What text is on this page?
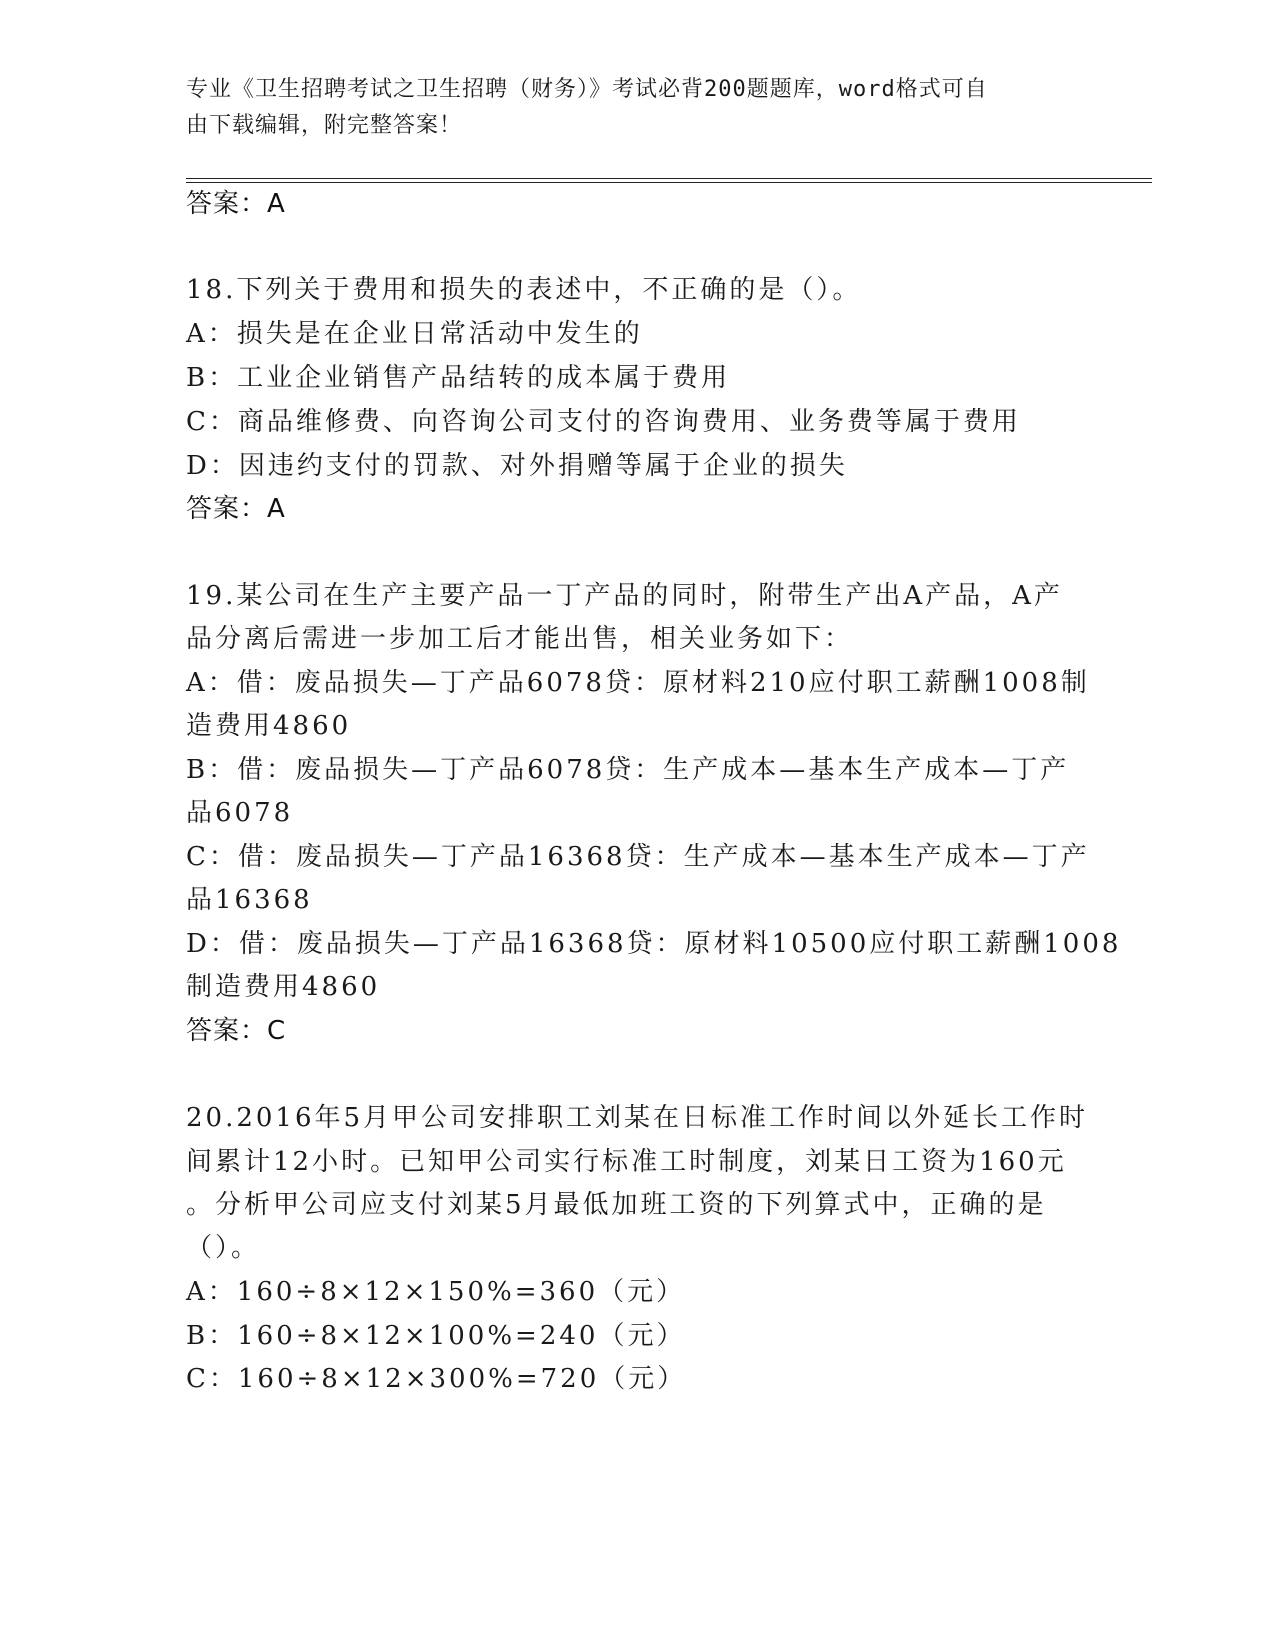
专业《卫生招聘考试之卫生招聘（财务）》考试必背200题题库，word格式可自
由下载编辑，附完整答案！
答案：A
18.下列关于费用和损失的表述中，不正确的是（）。
A：损失是在企业日常活动中发生的
B：工业企业销售产品结转的成本属于费用
C：商品维修费、向咨询公司支付的咨询费用、业务费等属于费用
D：因违约支付的罚款、对外捐赠等属于企业的损失
答案：A
19.某公司在生产主要产品一丁产品的同时，附带生产出A产品，A产
品分离后需进一步加工后才能出售，相关业务如下：
A：借：废品损失—丁产品6078贷：原材料210应付职工薪酬1008制
造费用4860
B：借：废品损失—丁产品6078贷：生产成本—基本生产成本—丁产
品6078
C：借：废品损失—丁产品16368贷：生产成本—基本生产成本—丁产
品16368
D：借：废品损失—丁产品16368贷：原材料10500应付职工薪酬1008
制造费用4860
答案：C
20.2016年5月甲公司安排职工刘某在日标准工作时间以外延长工作时
间累计12小时。已知甲公司实行标准工时制度，刘某日工资为160元
。分析甲公司应支付刘某5月最低加班工资的下列算式中，正确的是
（）。
A：160÷8×12×150%=360（元）
B：160÷8×12×100%=240（元）
C：160÷8×12×300%=720（元）
